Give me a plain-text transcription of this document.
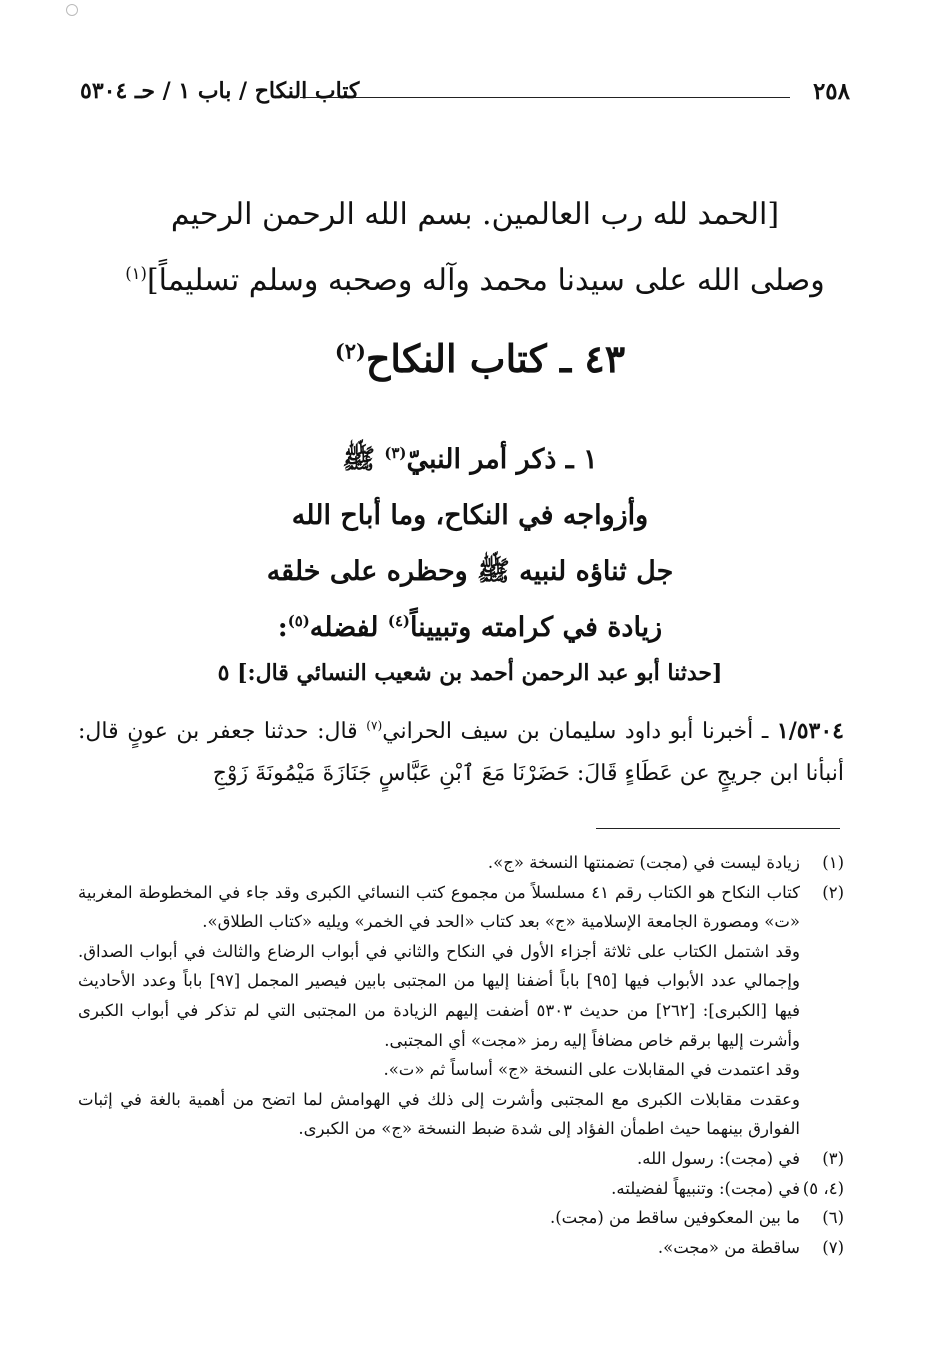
٢٥٨
كتاب النكاح / باب ١ / حـ ٥٣٠٤
[الحمد لله رب العالمين. بسم الله الرحمن الرحيم
وصلى الله على سيدنا محمد وآله وصحبه وسلم تسليماً]$^{(١)}$
٤٣ ـ كتاب النكاح$^{(٢)}$
١ ـ ذكر أمر النبيّ$^{(٣)}$ ﷺ
وأزواجه في النكاح، وما أباح الله
جل ثناؤه لنبيه ﷺ وحظره على خلقه
زيادة في كرامته وتبييناً$^{(٤)}$ لفضله$^{(٥)}$:
[حدثنا أبو عبد الرحمن أحمد بن شعيب النسائي قال:] ٥
١/٥٣٠٤ ـ أخبرنا أبو داود سليمان بن سيف الحراني$^{(٧)}$ قال: حدثنا جعفر بن عونٍ قال: أنبأنا ابن جريجٍ عن عَطَاءٍ قَالَ: حَضَرْنَا مَعَ ٱبْنِ عَبَّاسٍ جَنَازَةَ مَيْمُونَةَ زَوْجِ
(١)
زيادة ليست في (مجت) تضمنتها النسخة «ج».
(٢)
كتاب النكاح هو الكتاب رقم ٤١ مسلسلاً من مجموع كتب النسائي الكبرى وقد جاء في المخطوطة المغربية «ت» ومصورة الجامعة الإسلامية «ج» بعد كتاب «الحد في الخمر» ويليه «كتاب الطلاق».
وقد اشتمل الكتاب على ثلاثة أجزاء الأول في النكاح والثاني في أبواب الرضاع والثالث في أبواب الصداق. وإجمالي عدد الأبواب فيها [٩٥] باباً أضفنا إليها من المجتبى بابين فيصير المجمل [٩٧] باباً وعدد الأحاديث فيها [الكبرى]: [٢٦٢] من حديث ٥٣٠٣ أضفت إليهم الزيادة من المجتبى التي لم تذكر في أبواب الكبرى وأشرت إليها برقم خاص مضافاً إليه رمز «مجت» أي المجتبى.
وقد اعتمدت في المقابلات على النسخة «ج» أساساً ثم «ت».
وعقدت مقابلات الكبرى مع المجتبى وأشرت إلى ذلك في الهوامش لما اتضح من أهمية بالغة في إثبات الفوارق بينهما حيث اطمأن الفؤاد إلى شدة ضبط النسخة «ج» من الكبرى.
(٣)
في (مجت): رسول الله.
(٤، ٥)
في (مجت): وتنبيهاً لفضيلته.
(٦)
ما بين المعكوفين ساقط من (مجت).
(٧)
ساقطة من «مجت».
